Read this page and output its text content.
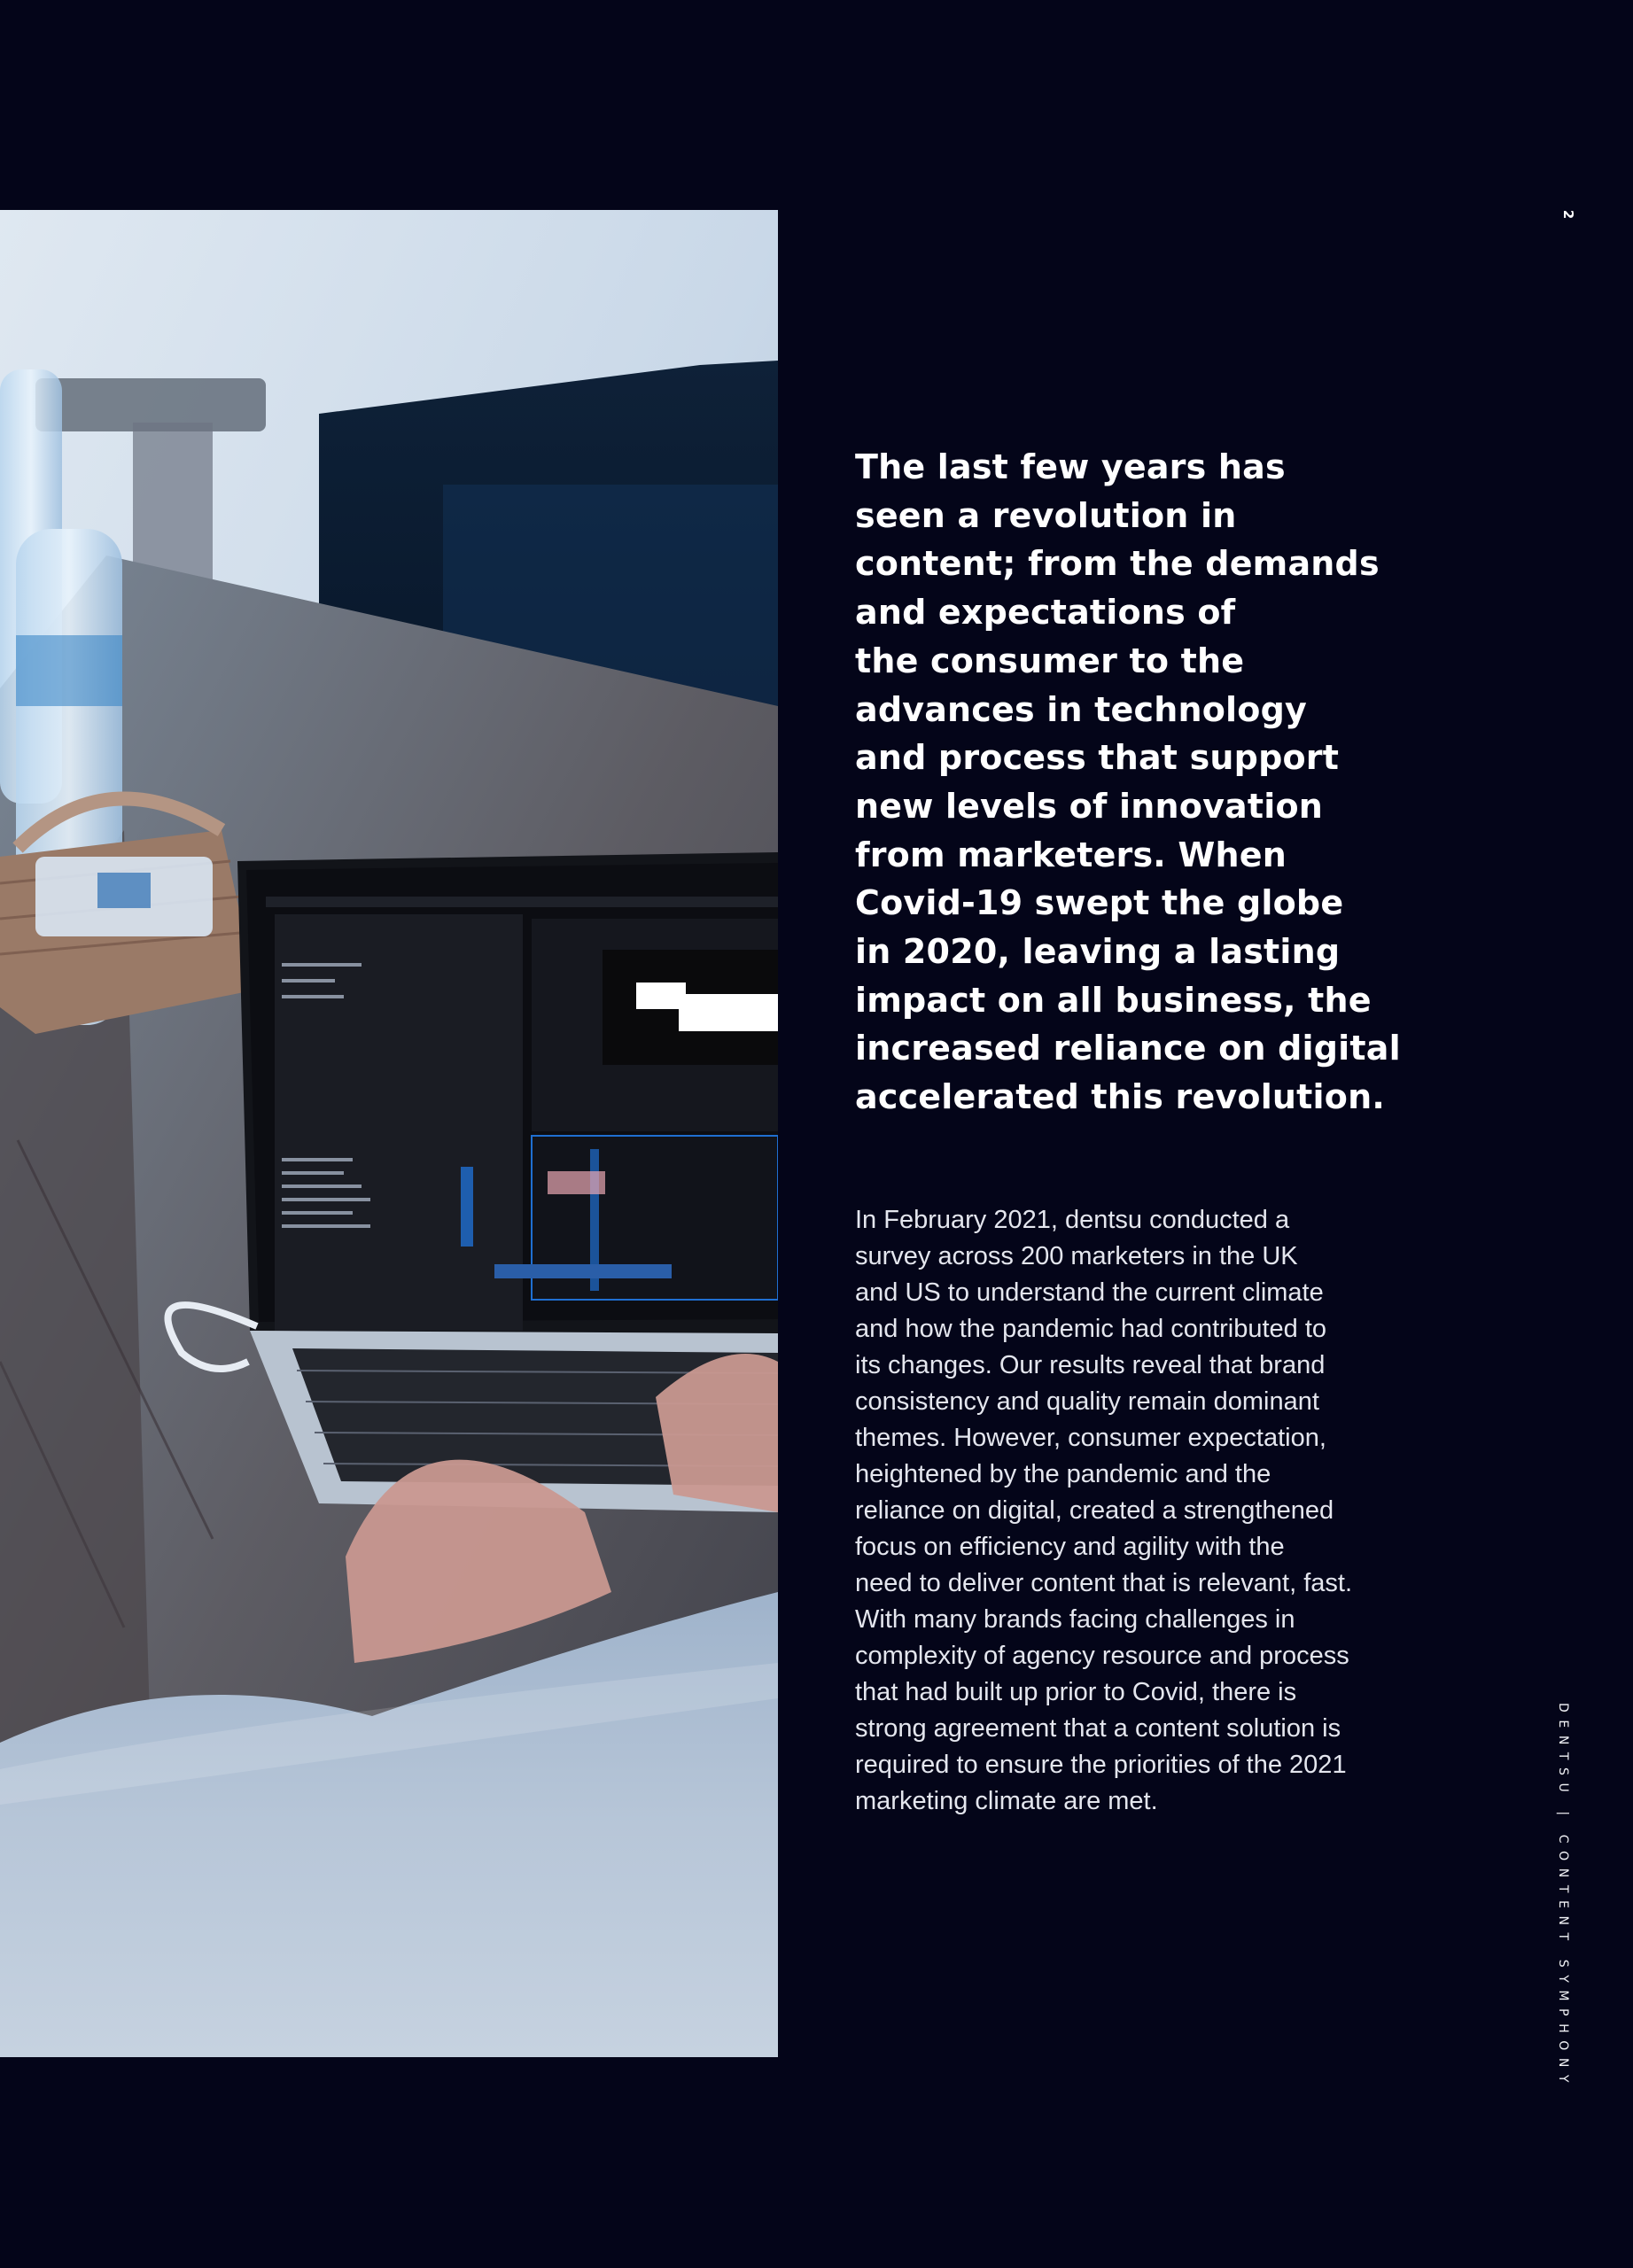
2
The last few years has
seen a revolution in
content; from the demands
and expectations of
the consumer to the
advances in technology
and process that support
new levels of innovation
from marketers. When
Covid-19 swept the globe
in 2020, leaving a lasting
impact on all business, the
increased reliance on digital
accelerated this revolution.

In February 2021, dentsu conducted a
survey across 200 marketers in the UK
and US to understand the current climate
and how the pandemic had contributed to
its changes. Our results reveal that brand
consistency and quality remain dominant
themes. However, consumer expectation,
heightened by the pandemic and the
reliance on digital, created a strengthened
focus on efficiency and agility with the
need to deliver content that is relevant, fast.
With many brands facing challenges in
complexity of agency resource and process
that had built up prior to Covid, there is
strong agreement that a content solution is
required to ensure the priorities of the 2021
marketing climate are met.	DENTSU | CONTENT SYMPHONY
